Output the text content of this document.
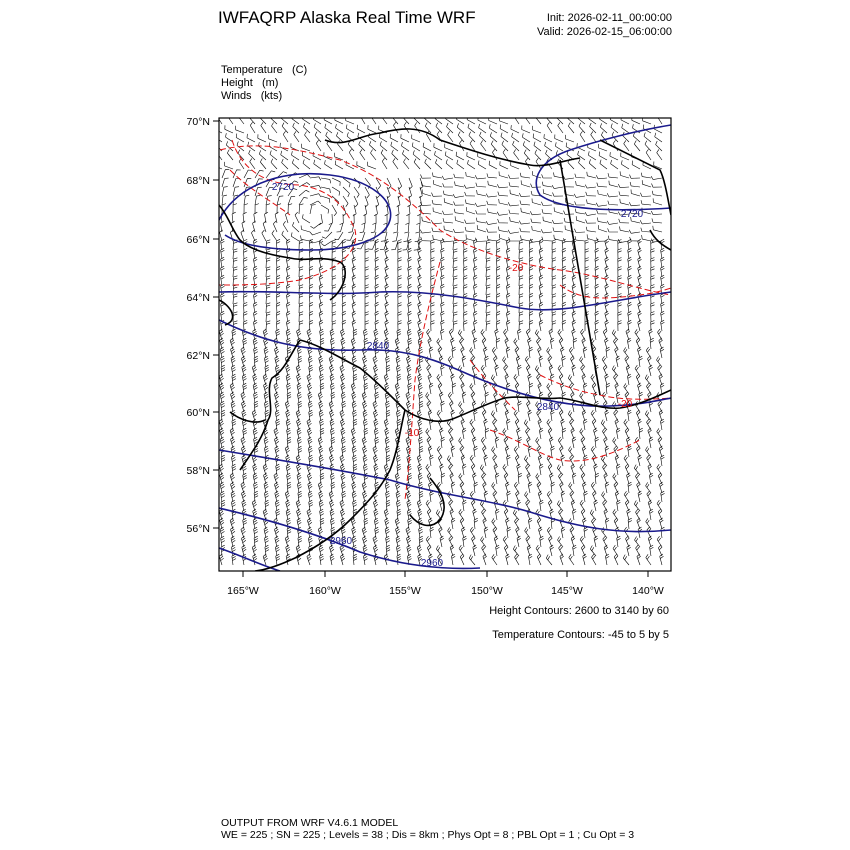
IWFAQRP Alaska Real Time WRF	Init: 2026-02-11_00:00:00
Valid: 2026-02-15_06:00:00
Temperature (C)
Height (m)
Winds (kts)
2720
2720
2840
2840
2960
2960
-20
-20
-10
70°N
68°N
66°N
64°N
62°N
60°N
58°N
56°N
165°W	160°W	155°W	150°W	145°W	140°W
Height Contours: 2600 to 3140 by 60
Temperature Contours: -45 to 5 by 5
OUTPUT FROM WRF V4.6.1 MODEL
WE = 225 ; SN = 225 ; Levels = 38 ; Dis = 8km ; Phys Opt = 8 ; PBL Opt = 1 ; Cu Opt = 3
